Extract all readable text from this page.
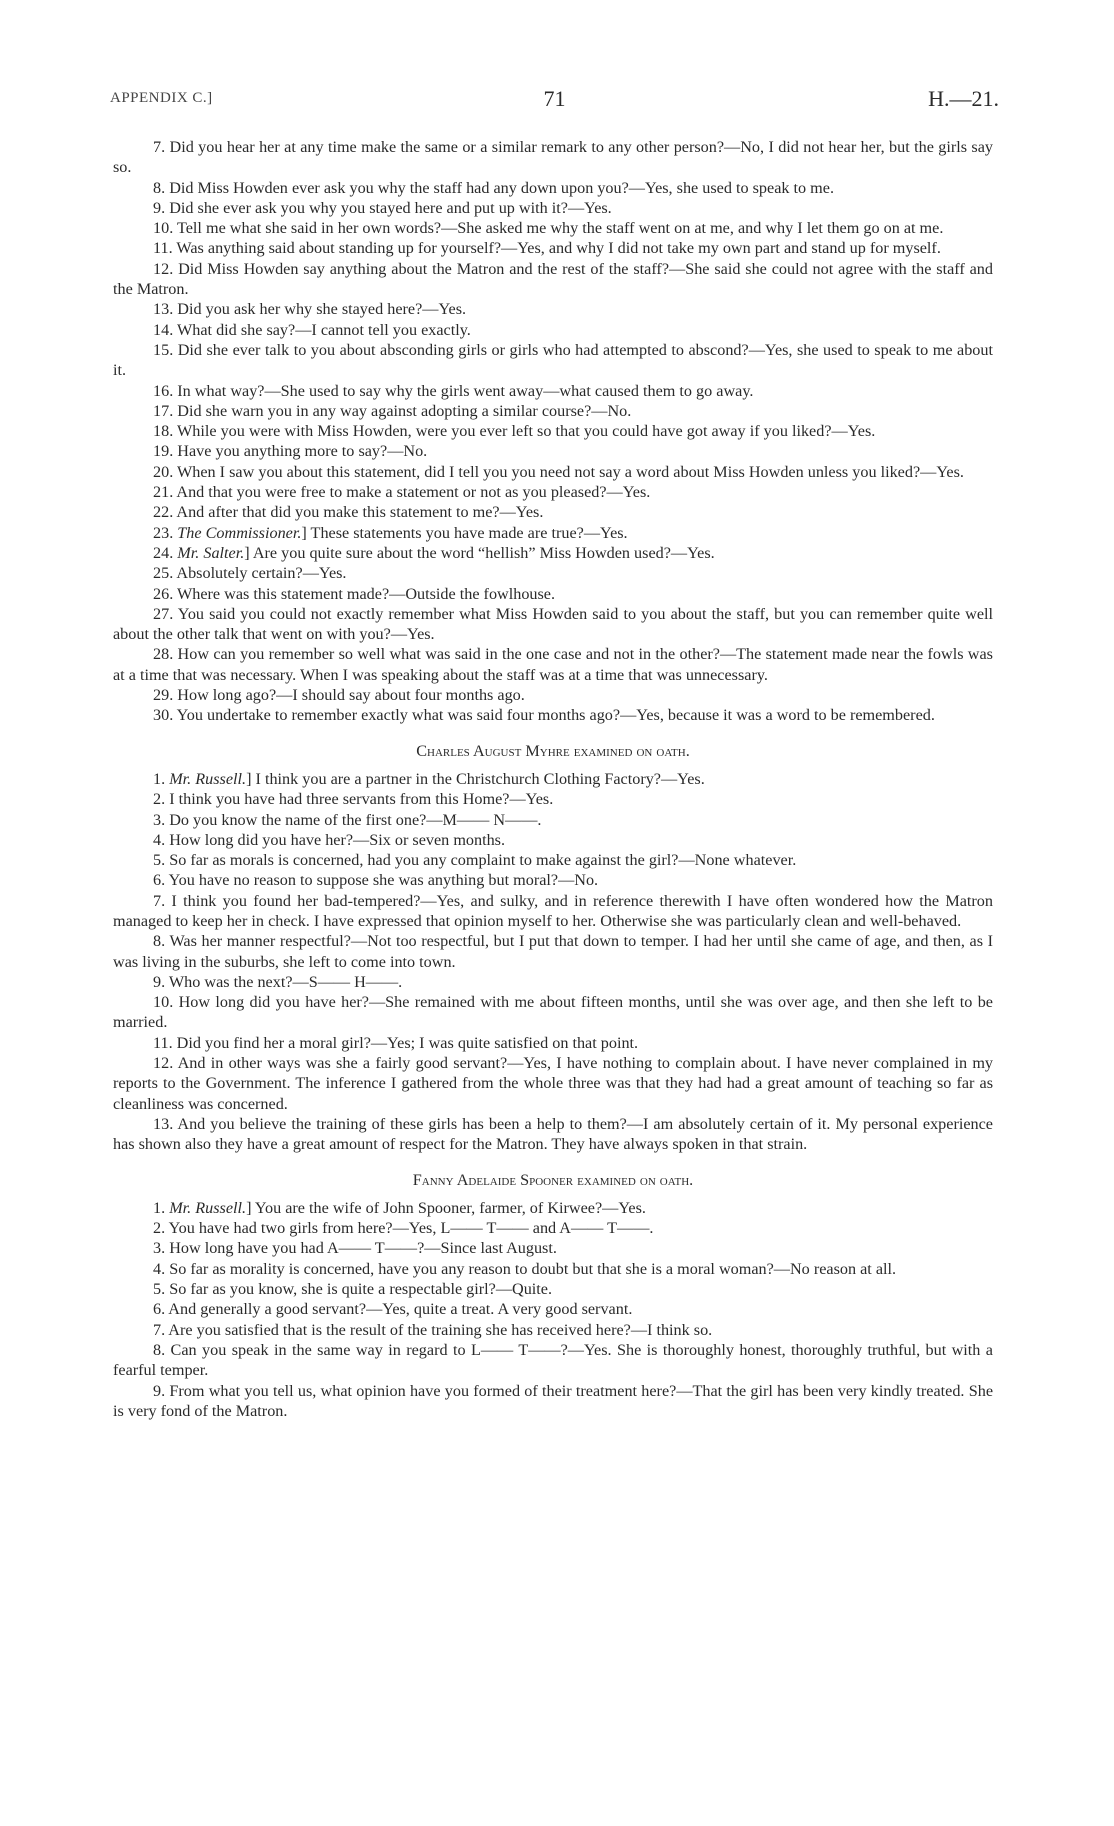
APPENDIX C.]	71	H.—21.

7. Did you hear her at any time make the same or a similar remark to any other person?—No, I did not hear her, but the girls say so.

8. Did Miss Howden ever ask you why the staff had any down upon you?—Yes, she used to speak to me.

9. Did she ever ask you why you stayed here and put up with it?—Yes.

10. Tell me what she said in her own words?—She asked me why the staff went on at me, and why I let them go on at me.

11. Was anything said about standing up for yourself?—Yes, and why I did not take my own part and stand up for myself.

12. Did Miss Howden say anything about the Matron and the rest of the staff?—She said she could not agree with the staff and the Matron.

13. Did you ask her why she stayed here?—Yes.

14. What did she say?—I cannot tell you exactly.

15. Did she ever talk to you about absconding girls or girls who had attempted to abscond?—Yes, she used to speak to me about it.

16. In what way?—She used to say why the girls went away—what caused them to go away.

17. Did she warn you in any way against adopting a similar course?—No.

18. While you were with Miss Howden, were you ever left so that you could have got away if you liked?—Yes.

19. Have you anything more to say?—No.

20. When I saw you about this statement, did I tell you you need not say a word about Miss Howden unless you liked?—Yes.

21. And that you were free to make a statement or not as you pleased?—Yes.

22. And after that did you make this statement to me?—Yes.

23. The Commissioner.] These statements you have made are true?—Yes.

24. Mr. Salter.] Are you quite sure about the word “hellish” Miss Howden used?—Yes.

25. Absolutely certain?—Yes.

26. Where was this statement made?—Outside the fowlhouse.

27. You said you could not exactly remember what Miss Howden said to you about the staff, but you can remember quite well about the other talk that went on with you?—Yes.

28. How can you remember so well what was said in the one case and not in the other?—The statement made near the fowls was at a time that was necessary. When I was speaking about the staff was at a time that was unnecessary.

29. How long ago?—I should say about four months ago.

30. You undertake to remember exactly what was said four months ago?—Yes, because it was a word to be remembered.

Charles August Myhre examined on oath.

1. Mr. Russell.] I think you are a partner in the Christchurch Clothing Factory?—Yes.

2. I think you have had three servants from this Home?—Yes.

3. Do you know the name of the first one?—M—— N——.

4. How long did you have her?—Six or seven months.

5. So far as morals is concerned, had you any complaint to make against the girl?—None whatever.

6. You have no reason to suppose she was anything but moral?—No.

7. I think you found her bad-tempered?—Yes, and sulky, and in reference therewith I have often wondered how the Matron managed to keep her in check. I have expressed that opinion myself to her. Otherwise she was particularly clean and well-behaved.

8. Was her manner respectful?—Not too respectful, but I put that down to temper. I had her until she came of age, and then, as I was living in the suburbs, she left to come into town.

9. Who was the next?—S—— H——.

10. How long did you have her?—She remained with me about fifteen months, until she was over age, and then she left to be married.

11. Did you find her a moral girl?—Yes; I was quite satisfied on that point.

12. And in other ways was she a fairly good servant?—Yes, I have nothing to complain about. I have never complained in my reports to the Government. The inference I gathered from the whole three was that they had had a great amount of teaching so far as cleanliness was concerned.

13. And you believe the training of these girls has been a help to them?—I am absolutely certain of it. My personal experience has shown also they have a great amount of respect for the Matron. They have always spoken in that strain.

Fanny Adelaide Spooner examined on oath.

1. Mr. Russell.] You are the wife of John Spooner, farmer, of Kirwee?—Yes.

2. You have had two girls from here?—Yes, L—— T—— and A—— T——.

3. How long have you had A—— T——?—Since last August.

4. So far as morality is concerned, have you any reason to doubt but that she is a moral woman?—No reason at all.

5. So far as you know, she is quite a respectable girl?—Quite.

6. And generally a good servant?—Yes, quite a treat. A very good servant.

7. Are you satisfied that is the result of the training she has received here?—I think so.

8. Can you speak in the same way in regard to L—— T——?—Yes. She is thoroughly honest, thoroughly truthful, but with a fearful temper.

9. From what you tell us, what opinion have you formed of their treatment here?—That the girl has been very kindly treated. She is very fond of the Matron.
